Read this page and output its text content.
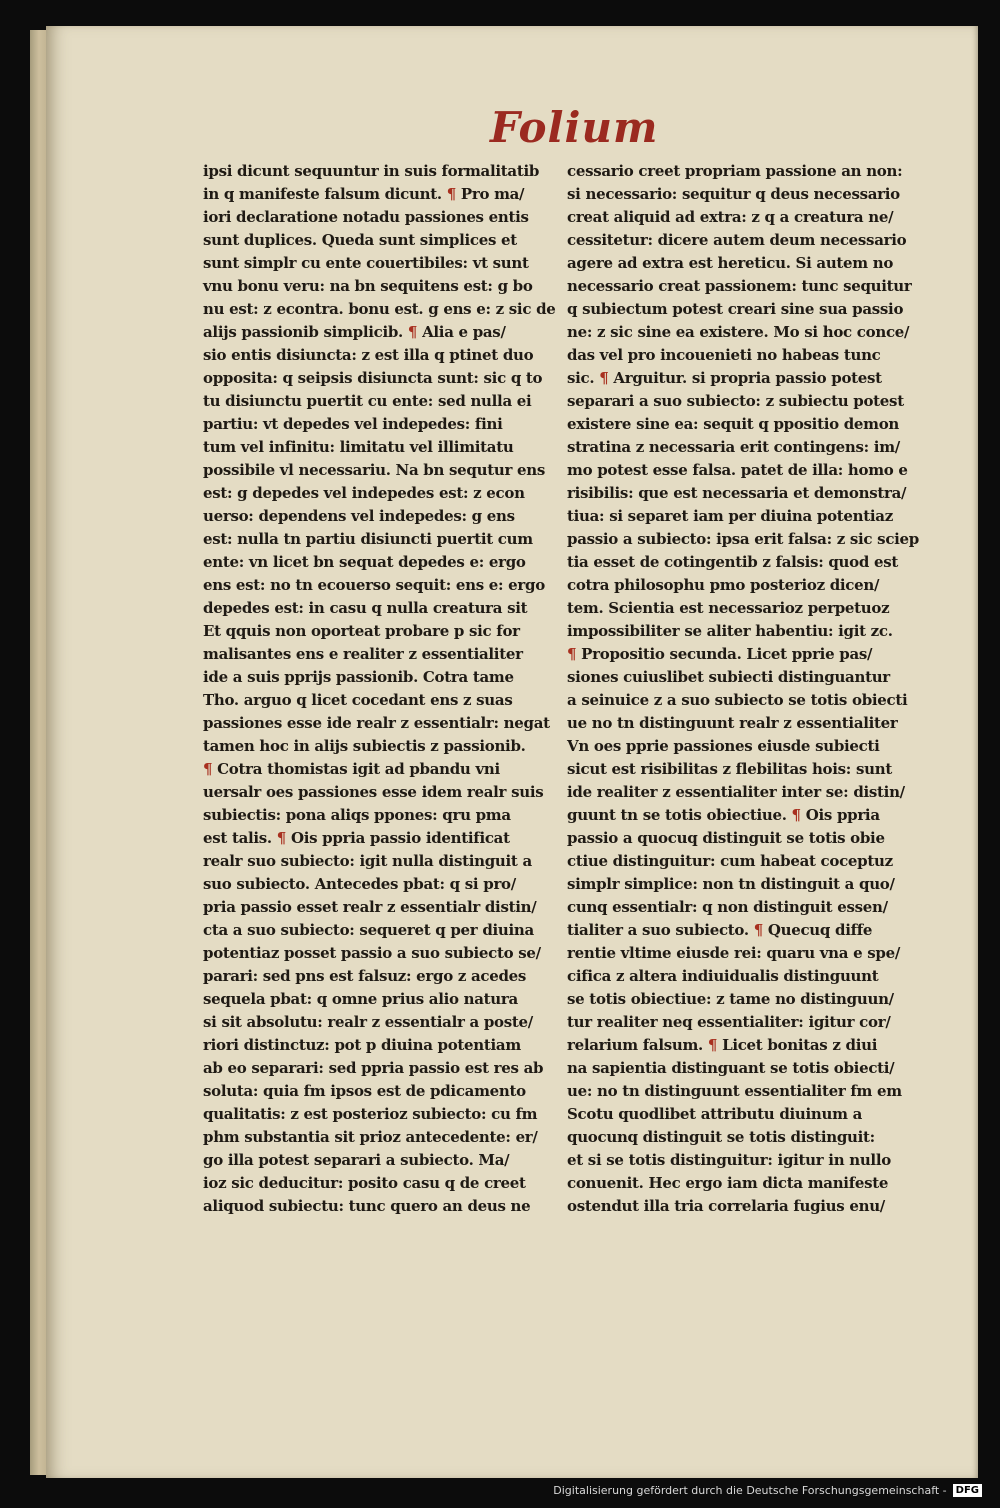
Folium
ipsi dicunt sequuntur in suis formalitatib
in q manifeste falsum dicunt. ¶ Pro ma/
iori declaratione notadu passiones entis
sunt duplices. Queda sunt simplices et
sunt simplr cu ente couertibiles: vt sunt
vnu bonu veru: na bn sequitens est: g bo
nu est: z econtra. bonu est. g ens e: z sic de
alijs passionib simplicib. ¶ Alia e pas/
sio entis disiuncta: z est illa q ptinet duo
opposita: q seipsis disiuncta sunt: sic q to
tu disiunctu puertit cu ente: sed nulla ei
partiu: vt depedes vel indepedes: fini
tum vel infinitu: limitatu vel illimitatu
possibile vl necessariu. Na bn sequtur ens
est: g depedes vel indepedes est: z econ
uerso: dependens vel indepedes: g ens
est: nulla tn partiu disiuncti puertit cum
ente: vn licet bn sequat depedes e: ergo
ens est: no tn ecouerso sequit: ens e: ergo
depedes est: in casu q nulla creatura sit
Et qquis non oporteat probare p sic for
malisantes ens e realiter z essentialiter
ide a suis pprijs passionib. Cotra tame
Tho. arguo q licet cocedant ens z suas
passiones esse ide realr z essentialr: negat
tamen hoc in alijs subiectis z passionib.
¶ Cotra thomistas igit ad pbandu vni
uersalr oes passiones esse idem realr suis
subiectis: pona aliqs ppones: qru pma
est talis. ¶ Ois ppria passio identificat
realr suo subiecto: igit nulla distinguit a
suo subiecto. Antecedes pbat: q si pro/
pria passio esset realr z essentialr distin/
cta a suo subiecto: sequeret q per diuina
potentiaz posset passio a suo subiecto se/
parari: sed pns est falsuz: ergo z acedes
sequela pbat: q omne prius alio natura
si sit absolutu: realr z essentialr a poste/
riori distinctuz: pot p diuina potentiam
ab eo separari: sed ppria passio est res ab
soluta: quia fm ipsos est de pdicamento
qualitatis: z est posterioz subiecto: cu fm
phm substantia sit prioz antecedente: er/
go illa potest separari a subiecto. Ma/
ioz sic deducitur: posito casu q de creet
aliquod subiectu: tunc quero an deus ne
cessario creet propriam passione an non:
si necessario: sequitur q deus necessario
creat aliquid ad extra: z q a creatura ne/
cessitetur: dicere autem deum necessario
agere ad extra est hereticu. Si autem no
necessario creat passionem: tunc sequitur
q subiectum potest creari sine sua passio
ne: z sic sine ea existere. Mo si hoc conce/
das vel pro incouenieti no habeas tunc
sic. ¶ Arguitur. si propria passio potest
separari a suo subiecto: z subiectu potest
existere sine ea: sequit q ppositio demon
stratina z necessaria erit contingens: im/
mo potest esse falsa. patet de illa: homo e
risibilis: que est necessaria et demonstra/
tiua: si separet iam per diuina potentiaz
passio a subiecto: ipsa erit falsa: z sic sciep
tia esset de cotingentib z falsis: quod est
cotra philosophu pmo posterioz dicen/
tem. Scientia est necessarioz perpetuoz
impossibiliter se aliter habentiu: igit zc.
¶ Propositio secunda. Licet pprie pas/
siones cuiuslibet subiecti distinguantur
a seinuice z a suo subiecto se totis obiecti
ue no tn distinguunt realr z essentialiter
Vn oes pprie passiones eiusde subiecti
sicut est risibilitas z flebilitas hois: sunt
ide realiter z essentialiter inter se: distin/
guunt tn se totis obiectiue. ¶ Ois ppria
passio a quocuq distinguit se totis obie
ctiue distinguitur: cum habeat coceptuz
simplr simplice: non tn distinguit a quo/
cunq essentialr: q non distinguit essen/
tialiter a suo subiecto. ¶ Quecuq diffe
rentie vltime eiusde rei: quaru vna e spe/
cifica z altera indiuidualis distinguunt
se totis obiectiue: z tame no distinguun/
tur realiter neq essentialiter: igitur cor/
relarium falsum. ¶ Licet bonitas z diui
na sapientia distinguant se totis obiecti/
ue: no tn distinguunt essentialiter fm em
Scotu quodlibet attributu diuinum a
quocunq distinguit se totis distinguit:
et si se totis distinguitur: igitur in nullo
conuenit. Hec ergo iam dicta manifeste
ostendut illa tria correlaria fugius enu/
Digitalisierung gefördert durch die Deutsche Forschungsgemeinschaft - DFG
